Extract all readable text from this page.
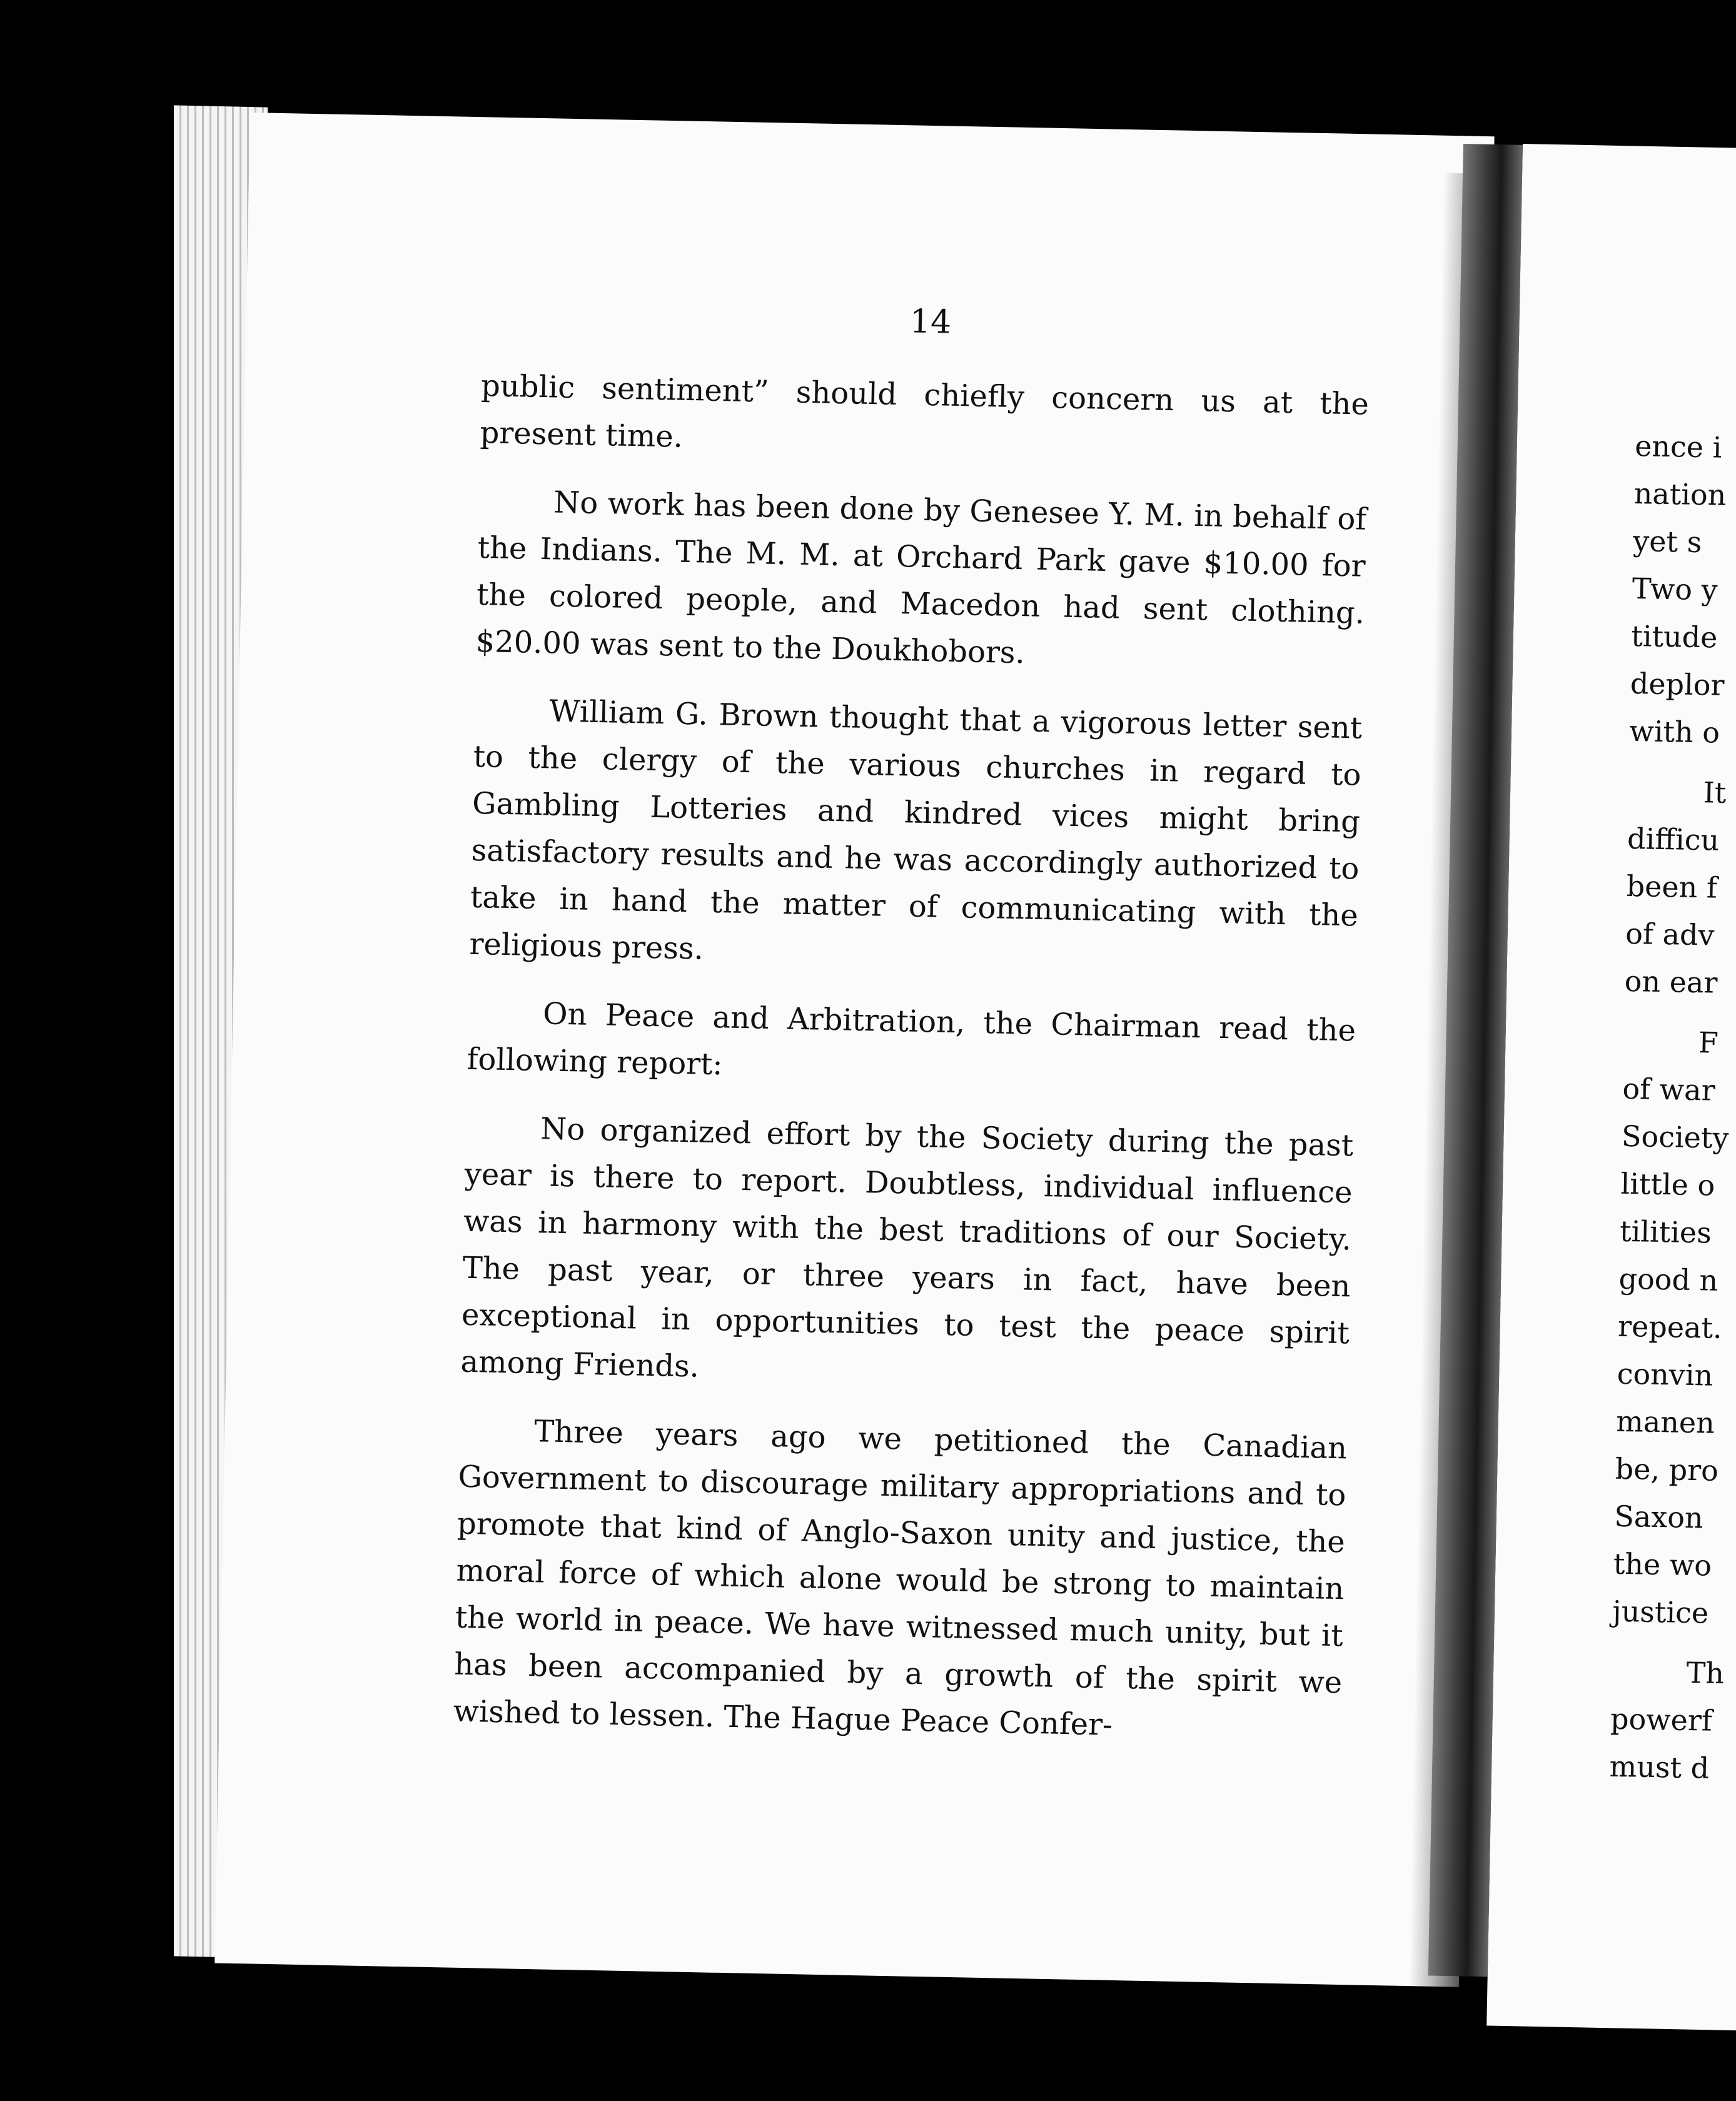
14

public sentiment” should chiefly concern us at the present time.

No work has been done by Genesee Y. M. in behalf of the Indians. The M. M. at Orchard Park gave $10.00 for the colored people, and Macedon had sent clothing. $20.00 was sent to the Doukhobors.

William G. Brown thought that a vigorous letter sent to the clergy of the various churches in regard to Gambling Lotteries and kindred vices might bring satisfactory results and he was accordingly authorized to take in hand the matter of communicating with the religious press.

On Peace and Arbitration, the Chairman read the following report:

No organized effort by the Society during the past year is there to report. Doubtless, individual influence was in harmony with the best traditions of our Society. The past year, or three years in fact, have been exceptional in opportunities to test the peace spirit among Friends.

Three years ago we petitioned the Canadian Government to discourage military appropriations and to promote that kind of Anglo-Saxon unity and justice, the moral force of which alone would be strong to maintain the world in peace. We have witnessed much unity, but it has been accompanied by a growth of the spirit we wished to lessen. The Hague Peace Confer-

ence i
nation
yet s
Two y
titude
deplor
with o
It
difficu
been f
of adv
on ear
F
of war
Society
little o
tilities
good n
repeat.
convin
manen
be, pro
Saxon
the wo
justice
Th
powerf
must d
